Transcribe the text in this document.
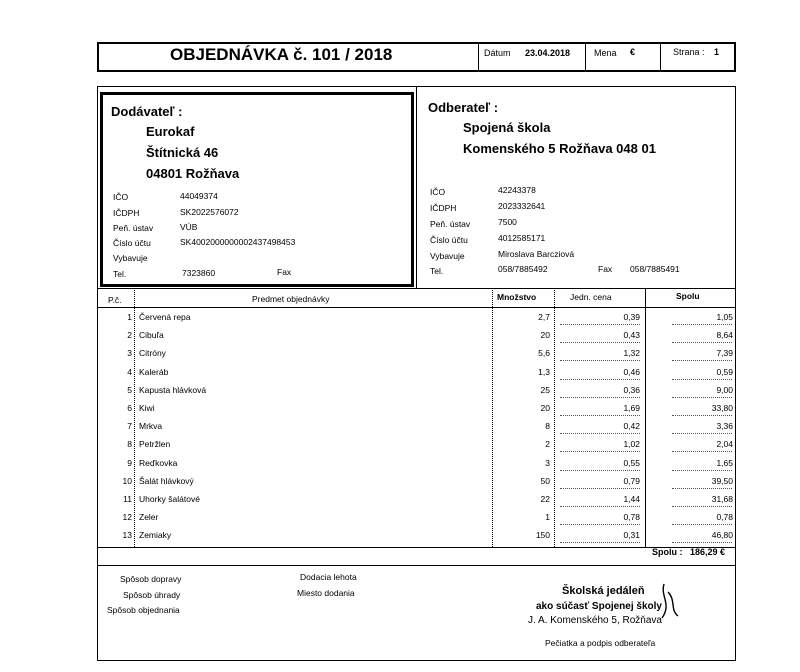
OBJEDNÁVKA č. 101 / 2018	Dátum 23.04.2018	Mena €	Strana : 1
Dodávateľ :
Eurokaf
Štítnická 46
04801 Rožňava
IČO	44049374
IČDPH	SK2022576072
Peň. ústav	VÚB
Číslo účtu	SK4002000000002437498453
Vybavuje
Tel.	7323860	Fax
Odberateľ :
Spojená škola
Komenského 5 Rožňava 048 01
IČO	42243378
IČDPH	2023332641
Peň. ústav	7500
Číslo účtu	4012585171
Vybavuje	Miroslava Barcziová
Tel.	058/7885492	Fax 058/7885491
P.č.	Predmet objednávky	Množstvo	Jedn. cena	Spolu
1 Červená repa	2,7	0,39	1,05
2 Cibuľa	20	0,43	8,64
3 Citróny	5,6	1,32	7,39
4 Kaleráb	1,3	0,46	0,59
5 Kapusta hlávková	25	0,36	9,00
6 Kiwi	20	1,69	33,80
7 Mrkva	8	0,42	3,36
8 Petržlen	2	1,02	2,04
9 Reďkovka	3	0,55	1,65
10 Šalát hlávkový	50	0,79	39,50
11 Uhorky šalátové	22	1,44	31,68
12 Zeler	1	0,78	0,78
13 Zemiaky	150	0,31	46,80
Spolu : 186,29 €
Spôsob dopravy
Spôsob úhrady
Spôsob objednania
Dodacia lehota
Miesto dodania	Školská jedáleň
ako súčasť Spojenej školy
J. A. Komenského 5, Rožňava
Pečiatka a podpis odberateľa
